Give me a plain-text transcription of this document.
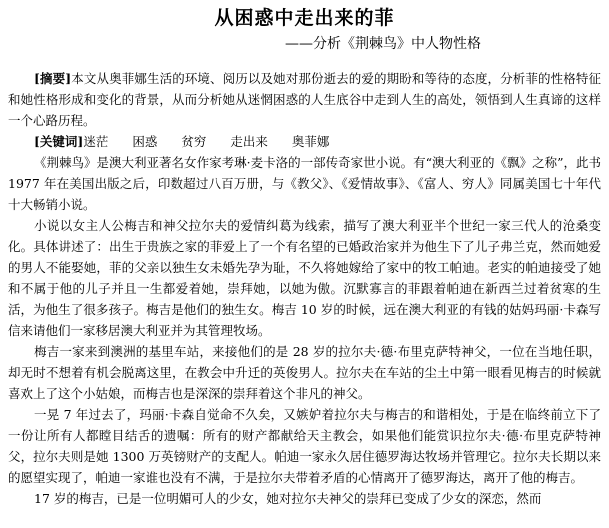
从困惑中走出来的菲
——分析《荆棘鸟》中人物性格

[摘要]本文从奥菲娜生活的环境、阅历以及她对那份逝去的爱的期盼和等待的态度，分析菲的性格特征和她性格形成和变化的背景，从而分析她从迷惘困惑的人生底谷中走到人生的高处，领悟到人生真谛的这样一个心路历程。

[关键词]迷茫 困惑 贫穷 走出来 奥菲娜

《荆棘鸟》是澳大利亚著名女作家考琳·麦卡洛的一部传奇家世小说。有“澳大利亚的《飘》之称”，此书 1977 年在美国出版之后，印数超过八百万册，与《教父》、《爱情故事》、《富人、穷人》同属美国七十年代十大畅销小说。

小说以女主人公梅吉和神父拉尔夫的爱情纠葛为线索，描写了澳大利亚半个世纪一家三代人的沧桑变化。具体讲述了：出生于贵族之家的菲爱上了一个有名望的已婚政治家并为他生下了儿子弗兰克，然而她爱的男人不能娶她，菲的父亲以独生女未婚先孕为耻，不久将她嫁给了家中的牧工帕迪。老实的帕迪接受了她和不属于他的儿子并且一生都爱着她，崇拜她，以她为傲。沉默寡言的菲跟着帕迪在新西兰过着贫寒的生活，为他生了很多孩子。梅吉是他们的独生女。梅吉 10 岁的时候，远在澳大利亚的有钱的姑妈玛丽·卡森写信来请他们一家移居澳大利亚并为其管理牧场。

梅吉一家来到澳洲的基里车站，来接他们的是 28 岁的拉尔夫·德·布里克萨特神父，一位在当地任职，却无时不想着有机会脱离这里，在教会中升迁的英俊男人。拉尔夫在车站的尘土中第一眼看见梅吉的时候就喜欢上了这个小姑娘，而梅吉也是深深的崇拜着这个非凡的神父。

一晃 7 年过去了，玛丽·卡森自觉命不久矣，又嫉妒着拉尔夫与梅吉的和谐相处，于是在临终前立下了一份让所有人都瞠目结舌的遗嘱：所有的财产都献给天主教会，如果他们能赏识拉尔夫·德·布里克萨特神父，拉尔夫则是她 1300 万英镑财产的支配人。帕迪一家永久居住德罗海达牧场并管理它。拉尔夫长期以来的愿望实现了，帕迪一家谁也没有不满，于是拉尔夫带着矛盾的心情离开了德罗海达，离开了他的梅吉。

17 岁的梅吉，已是一位明媚可人的少女，她对拉尔夫神父的崇拜已变成了少女的深恋，然而
